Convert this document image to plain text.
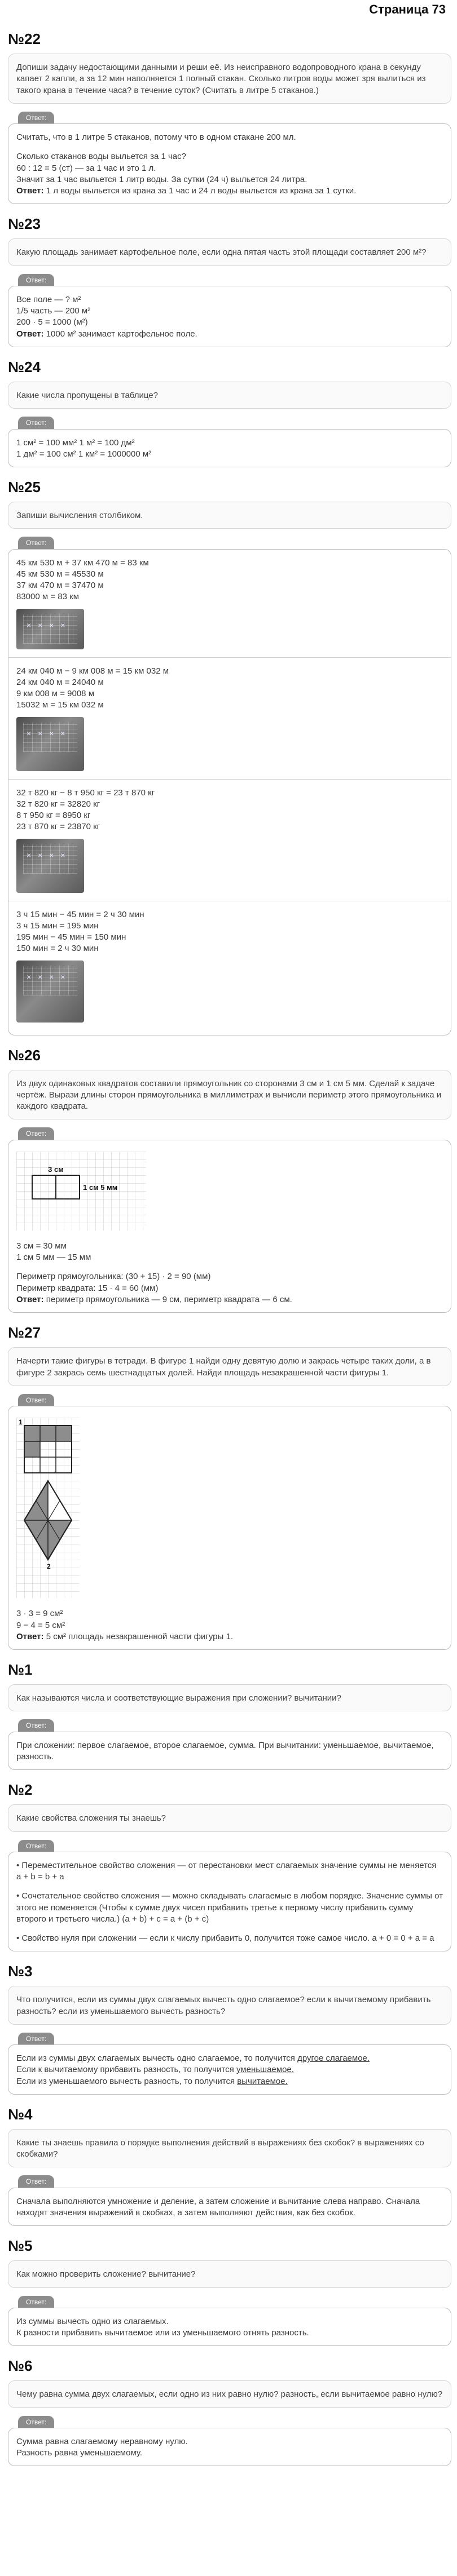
Страница 73
№22

Допиши задачу недостающими данными и реши её. Из неисправного водопроводного крана в секунду капает 2 капли, а за 12 мин наполняется 1 полный стакан. Сколько литров воды может зря вылиться из такого крана в течение часа? в течение суток? (Считать в литре 5 стаканов.)

Ответ:

Считать, что в 1 литре 5 стаканов, потому что в одном стакане 200 мл.

Сколько стаканов воды выльется за 1 час?

60 : 12 = 5 (ст) — за 1 час и это 1 л.

Значит за 1 час выльется 1 литр воды. За сутки (24 ч) выльется 24 литра.

Ответ: 1 л воды выльется из крана за 1 час и 24 л воды выльется из крана за 1 сутки.

№23

Какую площадь занимает картофельное поле, если одна пятая часть этой площади составляет 200 м²?

Ответ:

Все поле — ? м²

1/5 часть — 200 м²

200 · 5 = 1000 (м²)

Ответ: 1000 м² занимает картофельное поле.

№24

Какие числа пропущены в таблице?

Ответ:

1 см² = 100 мм² 1 м² = 100 дм²

1 дм² = 100 см² 1 км² = 1000000 м²

№25

Запиши вычисления столбиком.

Ответ:

45 км 530 м + 37 км 470 м = 83 км

45 км 530 м = 45530 м

37 км 470 м = 37470 м

83000 м = 83 км

× × × ×

24 км 040 м − 9 км 008 м = 15 км 032 м

24 км 040 м = 24040 м

9 км 008 м = 9008 м

15032 м = 15 км 032 м

× × × ×

32 т 820 кг − 8 т 950 кг = 23 т 870 кг

32 т 820 кг = 32820 кг

8 т 950 кг = 8950 кг

23 т 870 кг = 23870 кг

× × × ×

3 ч 15 мин − 45 мин = 2 ч 30 мин

3 ч 15 мин = 195 мин

195 мин − 45 мин = 150 мин

150 мин = 2 ч 30 мин

× × × ×
№26

Из двух одинаковых квадратов составили прямоугольник со сторонами 3 см и 1 см 5 мм. Сделай к задаче чертёж. Вырази длины сторон прямоугольника в миллиметрах и вычисли периметр этого прямоугольника и каждого квадрата.

Ответ:
3 см
1 см 5 мм

3 см = 30 мм

1 см 5 мм — 15 мм

Периметр прямоугольника: (30 + 15) · 2 = 90 (мм)

Периметр квадрата: 15 · 4 = 60 (мм)

Ответ: периметр прямоугольника — 9 см, периметр квадрата — 6 см.

№27

Начерти такие фигуры в тетради. В фигуре 1 найди одну девятую долю и закрась четыре таких доли, а в фигуре 2 закрась семь шестнадцатых долей. Найди площадь незакрашенной части фигуры 1.

Ответ:
1
2

3 · 3 = 9 см²

9 − 4 = 5 см²

Ответ: 5 см² площадь незакрашенной части фигуры 1.

№1

Как называются числа и соответствующие выражения при сложении? вычитании?

Ответ:

При сложении: первое слагаемое, второе слагаемое, сумма. При вычитании: уменьшаемое, вычитаемое, разность.

№2

Какие свойства сложения ты знаешь?

Ответ:

• Переместительное свойство сложения — от перестановки мест слагаемых значение суммы не меняется a + b = b + a

• Сочетательное свойство сложения — можно складывать слагаемые в любом порядке. Значение суммы от этого не поменяется (Чтобы к сумме двух чисел прибавить третье к первому числу прибавить сумму второго и третьего числа.) (a + b) + c = a + (b + c)

• Свойство нуля при сложении — если к числу прибавить 0, получится тоже самое число. a + 0 = 0 + a = a

№3

Что получится, если из суммы двух слагаемых вычесть одно слагаемое? если к вычитаемому прибавить разность? если из уменьшаемого вычесть разность?

Ответ:

Если из суммы двух слагаемых вычесть одно слагаемое, то получится другое слагаемое.

Если к вычитаемому прибавить разность, то получится уменьшаемое.

Если из уменьшаемого вычесть разность, то получится вычитаемое.

№4

Какие ты знаешь правила о порядке выполнения действий в выражениях без скобок? в выражениях со скобками?

Ответ:

Сначала выполняются умножение и деление, а затем сложение и вычитание слева направо. Сначала находят значения выражений в скобках, а затем выполняют действия, как без скобок.

№5

Как можно проверить сложение? вычитание?

Ответ:

Из суммы вычесть одно из слагаемых.

К разности прибавить вычитаемое или из уменьшаемого отнять разность.

№6

Чему равна сумма двух слагаемых, если одно из них равно нулю? разность, если вычитаемое равно нулю?

Ответ:

Сумма равна слагаемому неравному нулю.

Разность равна уменьшаемому.
